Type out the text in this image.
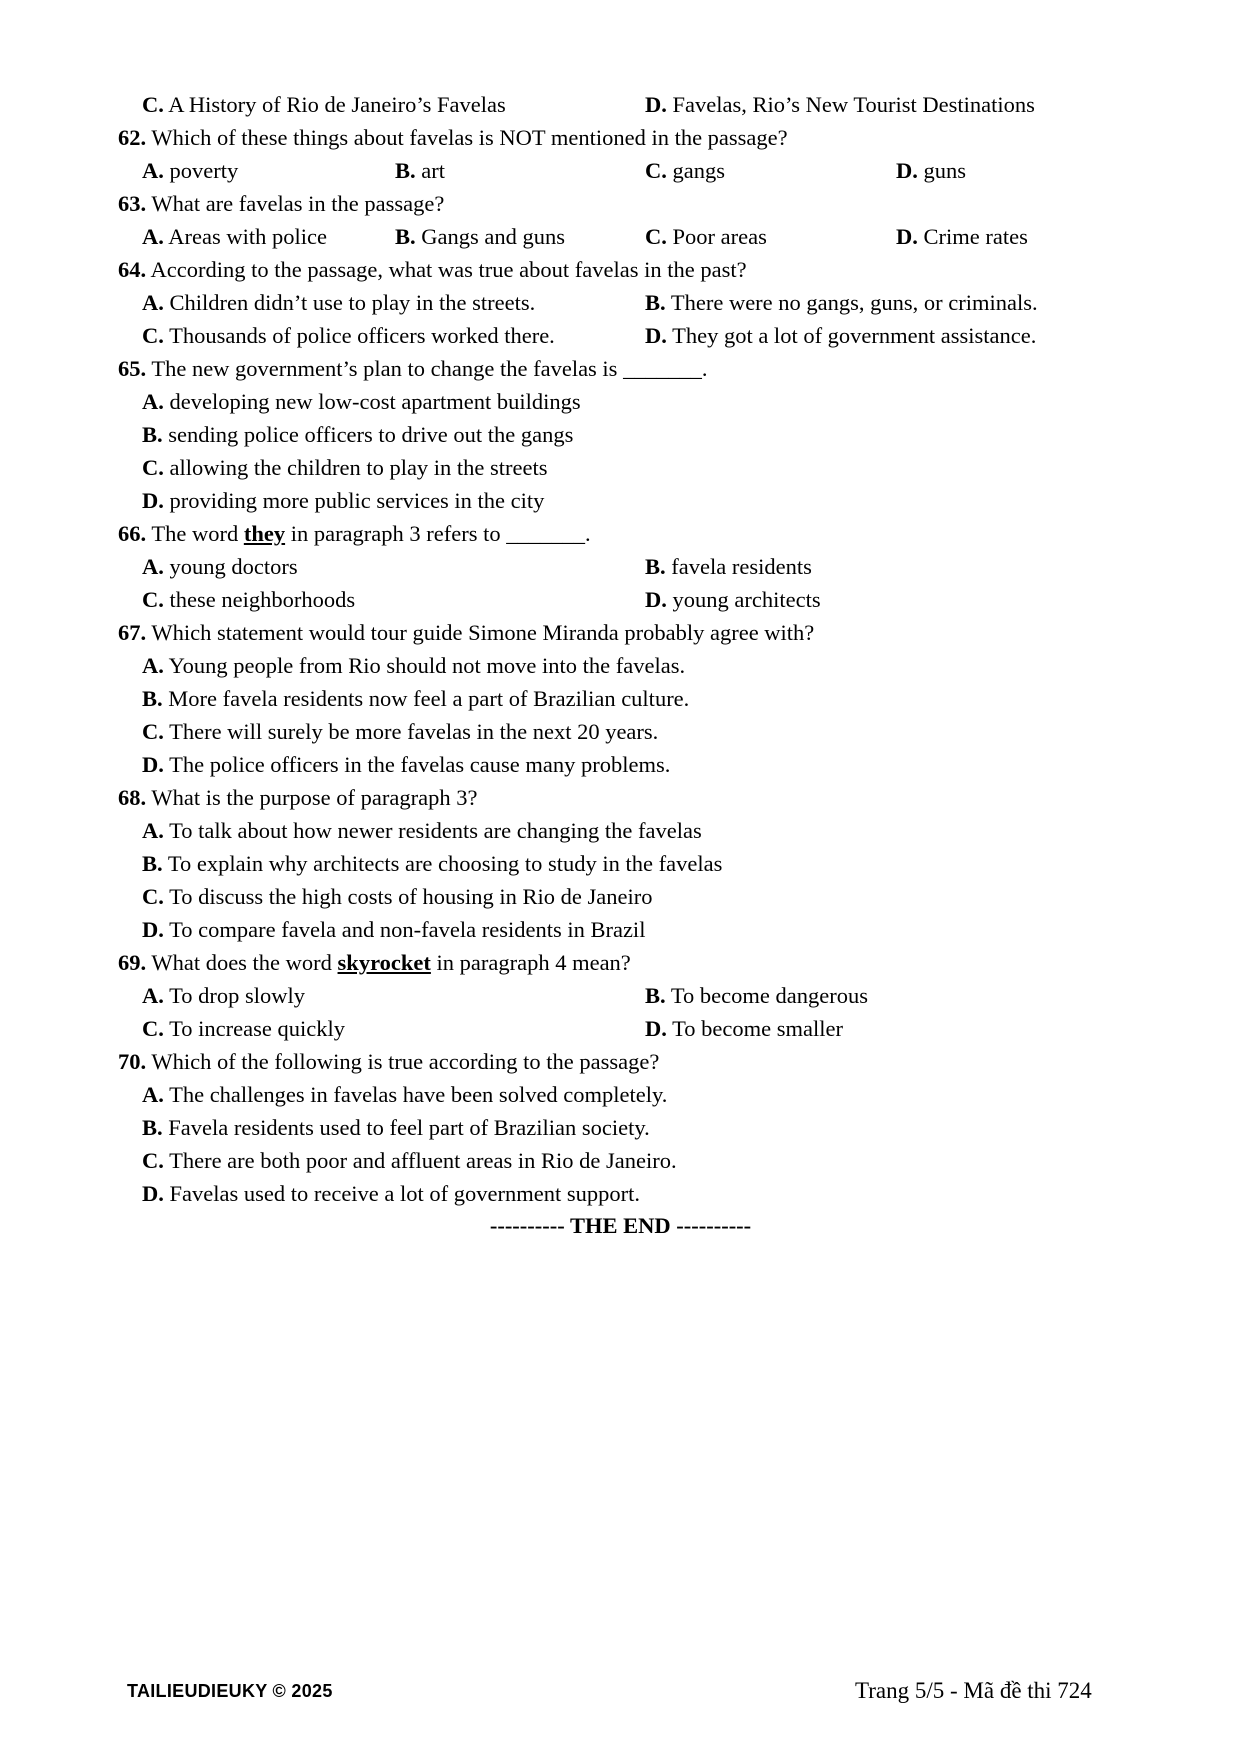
C. A History of Rio de Janeiro’s Favelas	D. Favelas, Rio’s New Tourist Destinations
62. Which of these things about favelas is NOT mentioned in the passage?
A. poverty	B. art	C. gangs	D. guns
63. What are favelas in the passage?
A. Areas with police	B. Gangs and guns	C. Poor areas	D. Crime rates
64. According to the passage, what was true about favelas in the past?
A. Children didn’t use to play in the streets.	B. There were no gangs, guns, or criminals.
C. Thousands of police officers worked there.	D. They got a lot of government assistance.
65. The new government’s plan to change the favelas is _______.
A. developing new low-cost apartment buildings
B. sending police officers to drive out the gangs
C. allowing the children to play in the streets
D. providing more public services in the city
66. The word they in paragraph 3 refers to _______.
A. young doctors	B. favela residents
C. these neighborhoods	D. young architects
67. Which statement would tour guide Simone Miranda probably agree with?
A. Young people from Rio should not move into the favelas.
B. More favela residents now feel a part of Brazilian culture.
C. There will surely be more favelas in the next 20 years.
D. The police officers in the favelas cause many problems.
68. What is the purpose of paragraph 3?
A. To talk about how newer residents are changing the favelas
B. To explain why architects are choosing to study in the favelas
C. To discuss the high costs of housing in Rio de Janeiro
D. To compare favela and non-favela residents in Brazil
69. What does the word skyrocket in paragraph 4 mean?
A. To drop slowly	B. To become dangerous
C. To increase quickly	D. To become smaller
70. Which of the following is true according to the passage?
A. The challenges in favelas have been solved completely.
B. Favela residents used to feel part of Brazilian society.
C. There are both poor and affluent areas in Rio de Janeiro.
D. Favelas used to receive a lot of government support.
---------- THE END ----------
TAILIEUDIEUKY © 2025	Trang 5/5 - Mã đề thi 724
